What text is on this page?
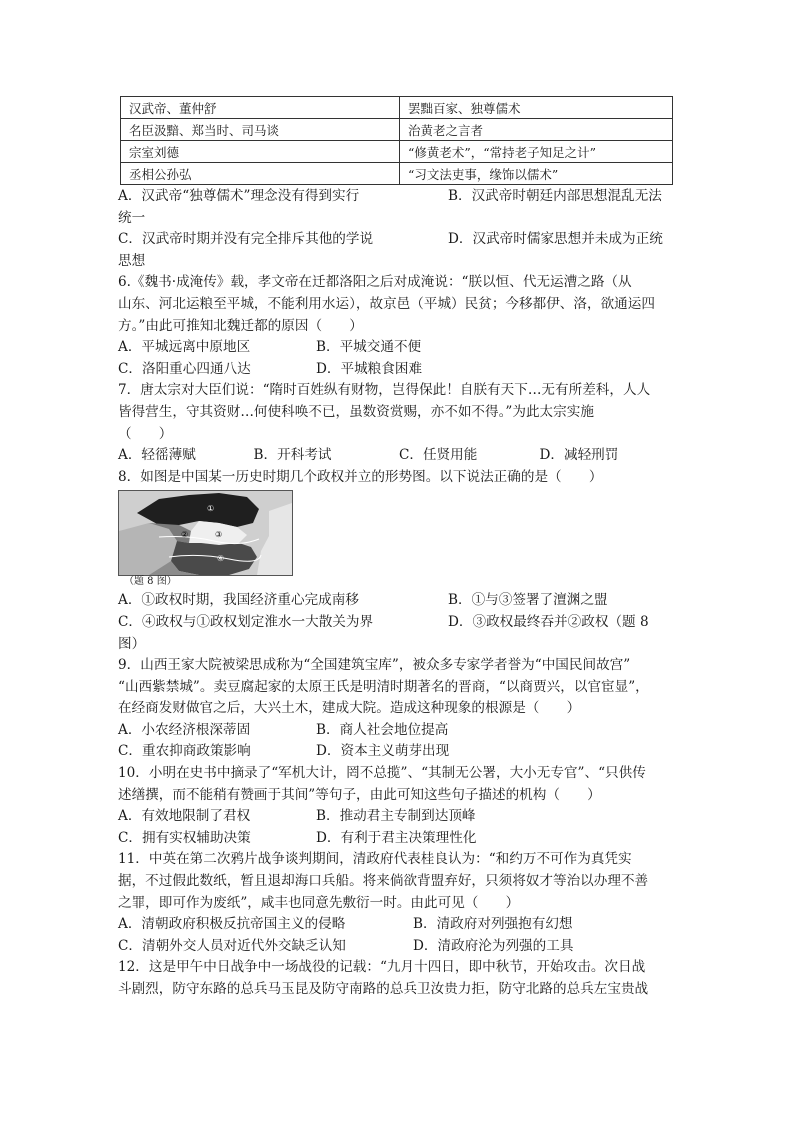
汉武帝、董仲舒	罢黜百家、独尊儒术
名臣汲黯、郑当时、司马谈	治黄老之言者
宗室刘德	“修黄老术”，“常持老子知足之计”
丞相公孙弘	“习文法吏事，缘饰以儒术”
A．汉武帝“独尊儒术”理念没有得到实行	B．汉武帝时朝廷内部思想混乱无法
统一
C．汉武帝时期并没有完全排斥其他的学说	D．汉武帝时儒家思想并未成为正统
思想
6.《魏书·成淹传》载，孝文帝在迁都洛阳之后对成淹说：“朕以恒、代无运漕之路（从
山东、河北运粮至平城，不能利用水运），故京邑（平城）民贫；今移都伊、洛，欲通运四
方。”由此可推知北魏迁都的原因（　　）
A．平城远离中原地区	B．平城交通不便
C．洛阳重心四通八达	D．平城粮食困难
7．唐太宗对大臣们说：“隋时百姓纵有财物，岂得保此！自朕有天下…无有所差科，人人
皆得营生，守其资财…何使科唤不已，虽数资赏赐，亦不如不得。”为此太宗实施
（　　）
A．轻徭薄赋	B．开科考试	C．任贤用能	D．减轻刑罚
8．如图是中国某一历史时期几个政权并立的形势图。以下说法正确的是（　　）
①
②	③
④
（题 8 图）
A．①政权时期，我国经济重心完成南移	B．①与③签署了澶渊之盟
C．④政权与①政权划定淮水一大散关为界	D．③政权最终吞并②政权（题 8
图）
9．山西王家大院被梁思成称为“全国建筑宝库”，被众多专家学者誉为“中国民间故宫”
“山西紫禁城”。卖豆腐起家的太原王氏是明清时期著名的晋商，“以商贾兴，以官宦显”，
在经商发财做官之后，大兴土木，建成大院。造成这种现象的根源是（　　）
A．小农经济根深蒂固	B．商人社会地位提高
C．重农抑商政策影响	D．资本主义萌芽出现
10．小明在史书中摘录了“军机大计，罔不总揽”、“其制无公署，大小无专官”、“只供传
述缮撰，而不能稍有赞画于其间”等句子，由此可知这些句子描述的机构（　　）
A．有效地限制了君权	B．推动君主专制到达顶峰
C．拥有实权辅助决策	D．有利于君主决策理性化
11．中英在第二次鸦片战争谈判期间，清政府代表桂良认为：“和约万不可作为真凭实
据，不过假此数纸，暂且退却海口兵船。将来倘欲背盟弃好，只须将奴才等治以办理不善
之罪，即可作为废纸”，咸丰也同意先敷衍一时。由此可见（　　）
A．清朝政府积极反抗帝国主义的侵略	B．清政府对列强抱有幻想
C．清朝外交人员对近代外交缺乏认知	D．清政府沦为列强的工具
12．这是甲午中日战争中一场战役的记载：“九月十四日，即中秋节，开始攻击。次日战
斗剧烈，防守东路的总兵马玉昆及防守南路的总兵卫汝贵力拒，防守北路的总兵左宝贵战
